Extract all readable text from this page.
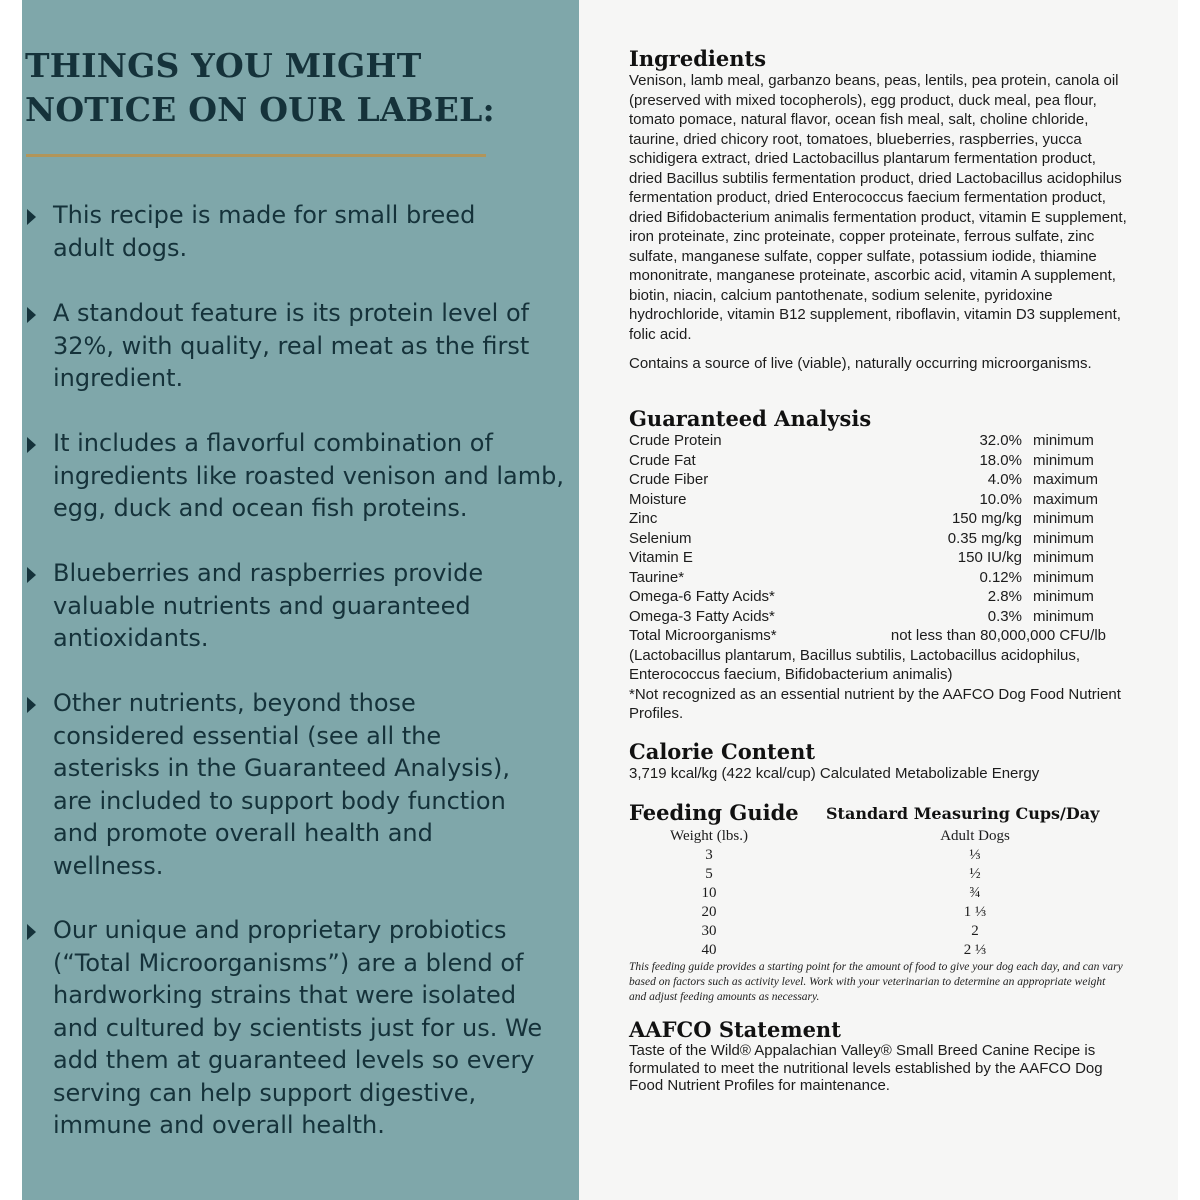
THINGS YOU MIGHT
NOTICE ON OUR LABEL:
This recipe is made for small breed adult dogs.
A standout feature is its protein level of 32%, with quality, real meat as the first ingredient.
It includes a flavorful combination of ingredients like roasted venison and lamb, egg, duck and ocean fish proteins.
Blueberries and raspberries provide valuable nutrients and guaranteed antioxidants.
Other nutrients, beyond those considered essential (see all the asterisks in the Guaranteed Analysis), are included to support body function and promote overall health and wellness.
Our unique and proprietary probiotics (“Total Microorganisms”) are a blend of hardworking strains that were isolated and cultured by scientists just for us. We add them at guaranteed levels so every serving can help support digestive, immune and overall health.
Ingredients
Venison, lamb meal, garbanzo beans, peas, lentils, pea protein, canola oil (preserved with mixed tocopherols), egg product, duck meal, pea flour, tomato pomace, natural flavor, ocean fish meal, salt, choline chloride, taurine, dried chicory root, tomatoes, blueberries, raspberries, yucca schidigera extract, dried Lactobacillus plantarum fermentation product, dried Bacillus subtilis fermentation product, dried Lactobacillus acidophilus fermentation product, dried Enterococcus faecium fermentation product, dried Bifidobacterium animalis fermentation product, vitamin E supplement, iron proteinate, zinc proteinate, copper proteinate, ferrous sulfate, zinc sulfate, manganese sulfate, copper sulfate, potassium iodide, thiamine mononitrate, manganese proteinate, ascorbic acid, vitamin A supplement, biotin, niacin, calcium pantothenate, sodium selenite, pyridoxine hydrochloride, vitamin B12 supplement, riboflavin, vitamin D3 supplement, folic acid.
Contains a source of live (viable), naturally occurring microorganisms.
Guaranteed Analysis
Crude Protein	32.0% minimum
Crude Fat	18.0% minimum
Crude Fiber	4.0% maximum
Moisture	10.0% maximum
Zinc	150 mg/kg minimum
Selenium	0.35 mg/kg minimum
Vitamin E	150 IU/kg minimum
Taurine*	0.12% minimum
Omega-6 Fatty Acids*	2.8% minimum
Omega-3 Fatty Acids*	0.3% minimum
Total Microorganisms*	not less than 80,000,000 CFU/lb
(Lactobacillus plantarum, Bacillus subtilis, Lactobacillus acidophilus, Enterococcus faecium, Bifidobacterium animalis)
*Not recognized as an essential nutrient by the AAFCO Dog Food Nutrient Profiles.
Calorie Content
3,719 kcal/kg (422 kcal/cup) Calculated Metabolizable Energy
Feeding Guide Standard Measuring Cups/Day
Weight (lbs.)	Adult Dogs
3	⅓
5	½
10	¾
20	1 ⅓
30	2
40	2 ⅓
This feeding guide provides a starting point for the amount of food to give your dog each day, and can vary based on factors such as activity level. Work with your veterinarian to determine an appropriate weight and adjust feeding amounts as necessary.
AAFCO Statement
Taste of the Wild® Appalachian Valley® Small Breed Canine Recipe is formulated to meet the nutritional levels established by the AAFCO Dog Food Nutrient Profiles for maintenance.
